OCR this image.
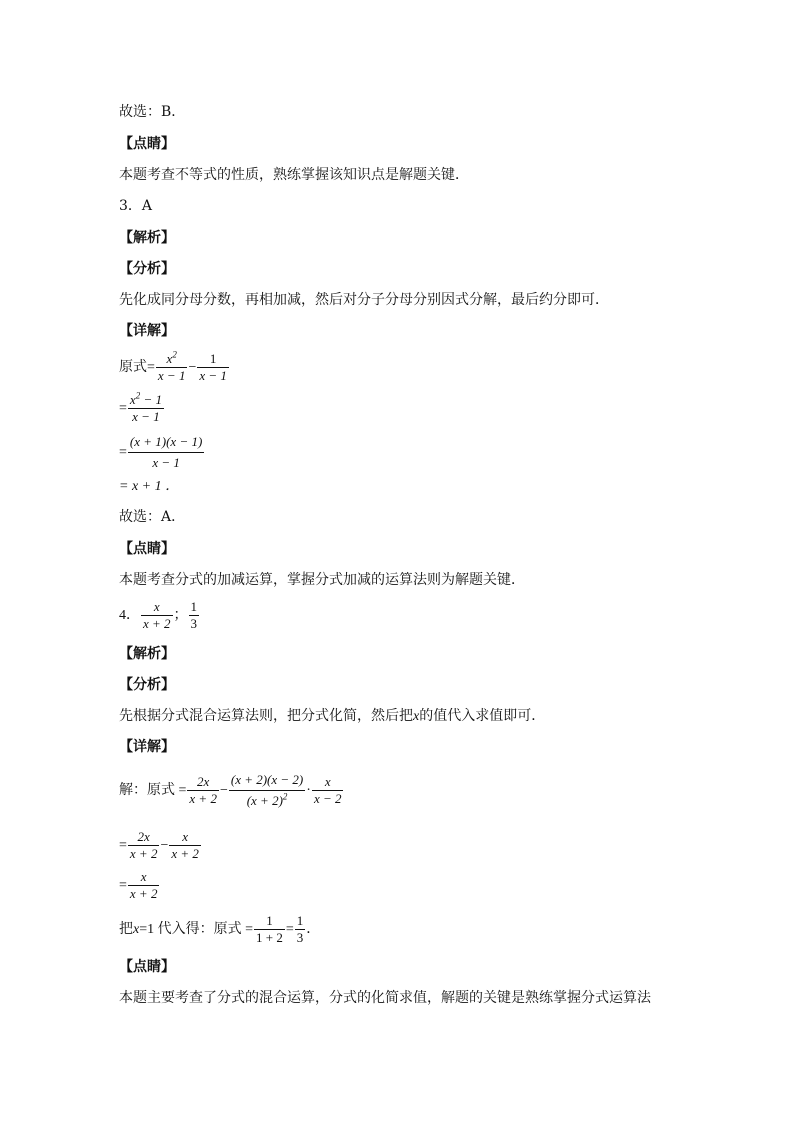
故选：B．
【点睛】
本题考查不等式的性质，熟练掌握该知识点是解题关键．
3．A
【解析】
【分析】
先化成同分母分数，再相加减，然后对分子分母分别因式分解，最后约分即可．
【详解】
原式= $\frac{x^2}{x - 1} - \frac{1}{x - 1}$
= $\frac{x^2 - 1}{x - 1}$
= $\frac{(x + 1)(x - 1)}{x - 1}$
= x + 1 ．
故选：A．
【点睛】
本题考查分式的加减运算，掌握分式加减的运算法则为解题关键．
4． $\frac{x}{x + 2}$ ； $\frac{1}{3}$
【解析】
【分析】
先根据分式混合运算法则，把分式化简，然后把x的值代入求值即可．
【详解】
解：原式 = $\frac{2x}{x + 2} - \frac{(x + 2)(x - 2)}{(x + 2)^2} \cdot \frac{x}{x - 2}$
= $\frac{2x}{x + 2} - \frac{x}{x + 2}$
= $\frac{x}{x + 2}$
把 x =1 代入得：原式 = $\frac{1}{1 + 2} = \frac{1}{3}$ ．
【点睛】
本题主要考查了分式的混合运算，分式的化简求值，解题的关键是熟练掌握分式运算法
